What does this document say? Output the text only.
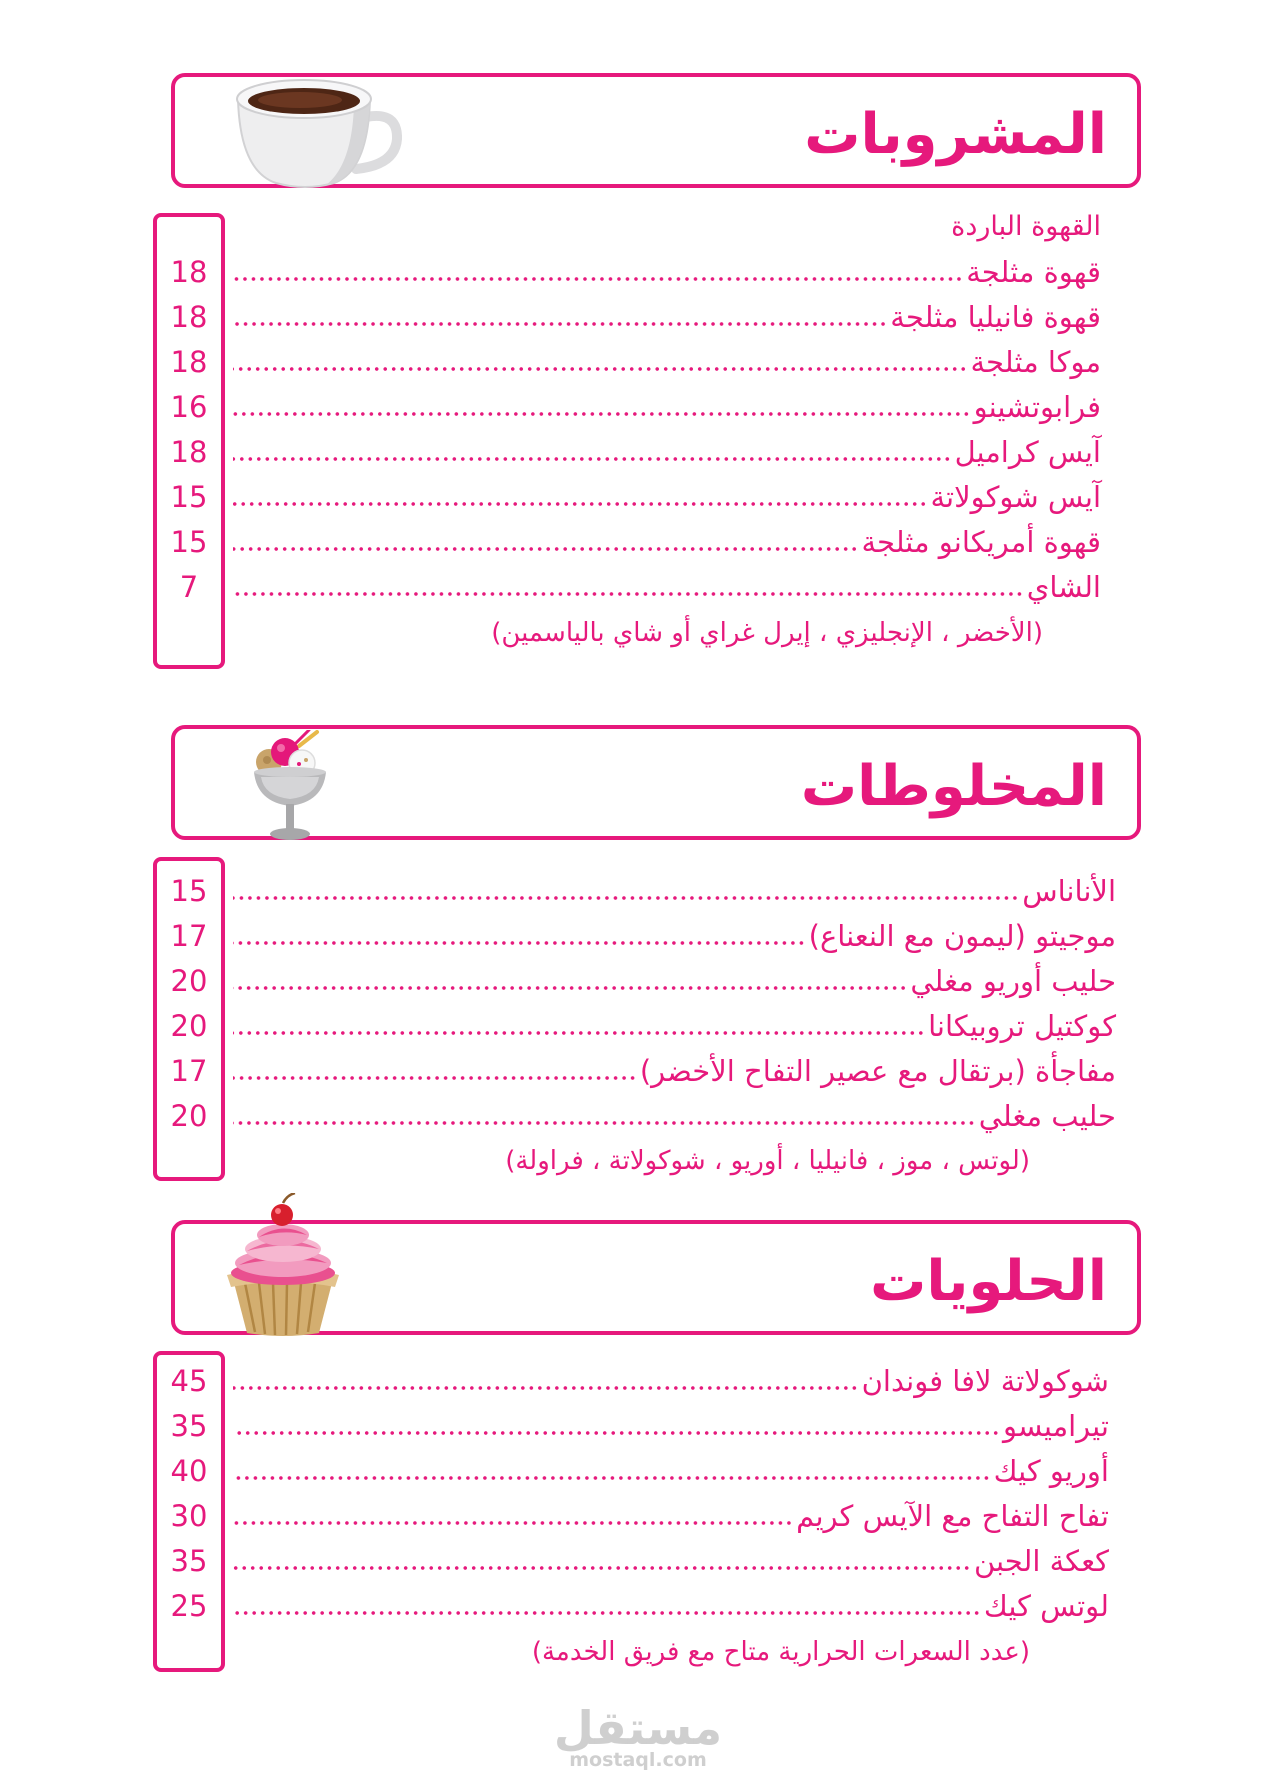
المشروبات
القهوة الباردة
قهوة مثلجة
18
قهوة فانيليا مثلجة
18
موكا مثلجة
18
فرابوتشينو
16
آيس كراميل
18
آيس شوكولاتة
15
قهوة أمريكانو مثلجة
15
الشاي
7
(الأخضر ، الإنجليزي ، إيرل غراي أو شاي بالياسمين)
المخلوطات
الأناناس
15
موجيتو (ليمون مع النعناع)
17
حليب أوريو مغلي
20
كوكتيل تروبيكانا
20
مفاجأة (برتقال مع عصير التفاح الأخضر)
17
حليب مغلي
20
(لوتس ، موز ، فانيليا ، أوريو ، شوكولاتة ، فراولة)
الحلويات
شوكولاتة لافا فوندان
45
تيراميسو
35
أوريو كيك
40
تفاح التفاح مع الآيس كريم
30
كعكة الجبن
35
لوتس كيك
25
(عدد السعرات الحرارية متاح مع فريق الخدمة)
مستقل
mostaql.com
